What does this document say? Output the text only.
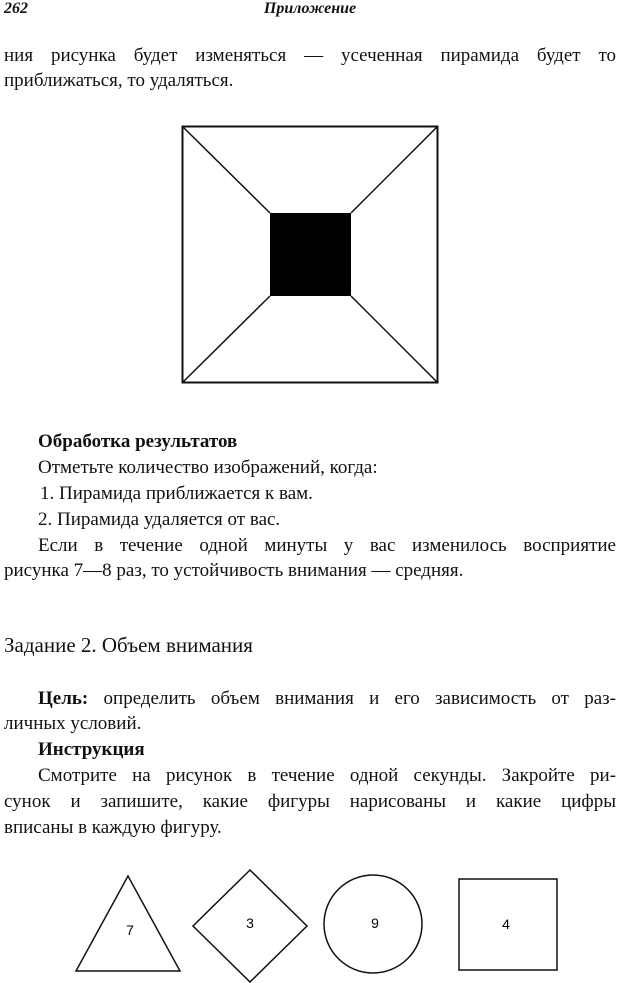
262	Приложение

ния рисунка будет изменяться — усеченная пирамида будет то

приближаться, то удаляться.

Обработка результатов

Отметьте количество изображений, когда:

1. Пирамида приближается к вам.

2. Пирамида удаляется от вас.

Если в течение одной минуты у вас изменилось восприятие

рисунка 7—8 раз, то устойчивость внимания — средняя.

Задание 2. Объем внимания

Цель: определить объем внимания и его зависимость от раз-

личных условий.

Инструкция

Смотрите на рисунок в течение одной секунды. Закройте ри-

сунок и запишите, какие фигуры нарисованы и какие цифры

вписаны в каждую фигуру.

7	3	9	4
